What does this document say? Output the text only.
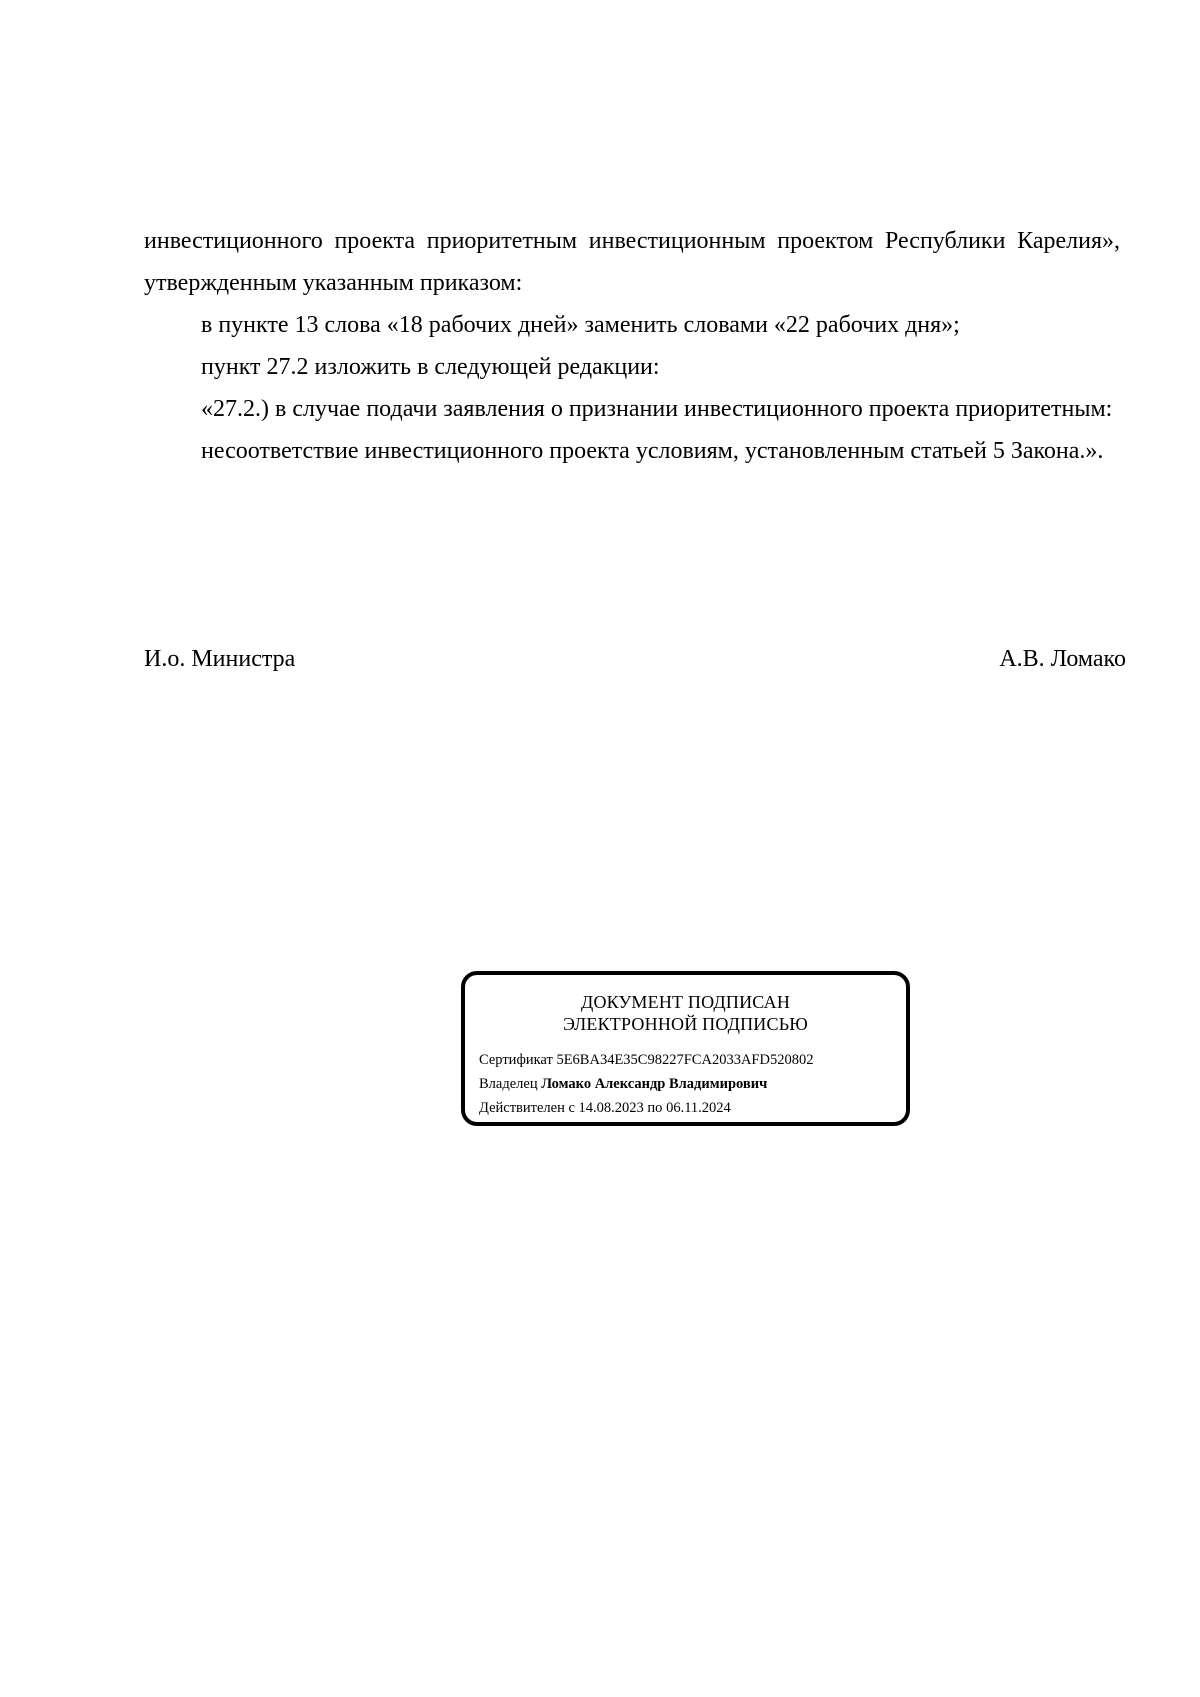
инвестиционного проекта приоритетным инвестиционным проектом Республики Карелия», утвержденным указанным приказом:

в пункте 13 слова «18 рабочих дней» заменить словами «22 рабочих дня»;

пункт 27.2 изложить в следующей редакции:

«27.2.) в случае подачи заявления о признании инвестиционного проекта приоритетным:

несоответствие инвестиционного проекта условиям, установленным статьей 5 Закона.».

И.о. Министра	А.В. Ломако
ДОКУМЕНТ ПОДПИСАН
ЭЛЕКТРОННОЙ ПОДПИСЬЮ
Сертификат 5E6BA34E35C98227FCA2033AFD520802
Владелец Ломако Александр Владимирович
Действителен с 14.08.2023 по 06.11.2024
